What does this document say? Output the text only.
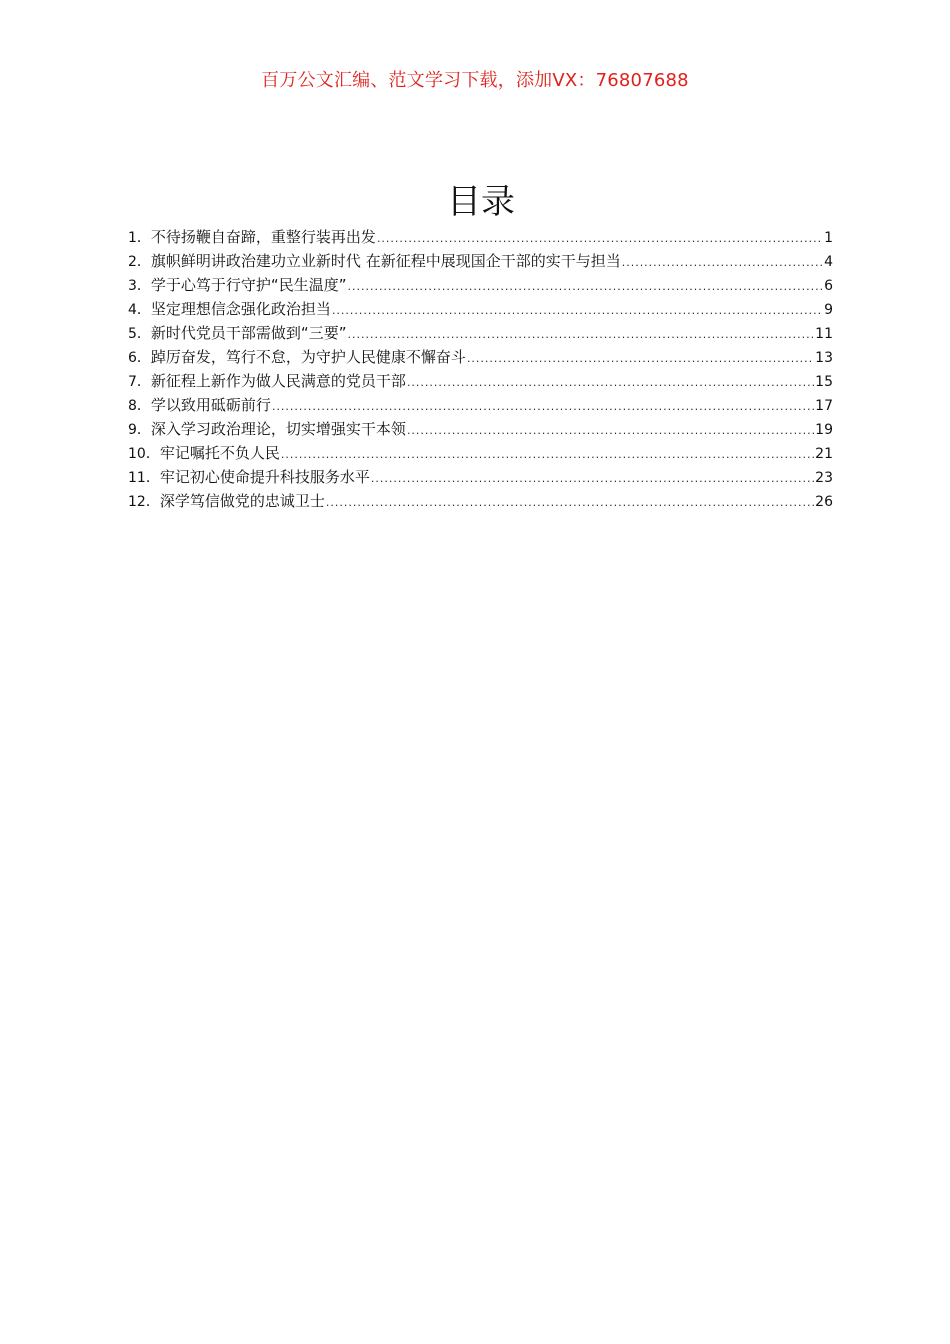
百万公文汇编、范文学习下载，添加VX：76807688
目录
1． 不待扬鞭自奋蹄，重整行装再出发 .....	1
2． 旗帜鲜明讲政治建功立业新时代 在新征程中展现国企干部的实干与担当 .....	4
3． 学于心笃于行守护“民生温度” .....	6
4． 坚定理想信念强化政治担当 .....	9
5． 新时代党员干部需做到“三要” .....	11
6． 踔厉奋发，笃行不怠，为守护人民健康不懈奋斗 .....	13
7． 新征程上新作为做人民满意的党员干部 .....	15
8． 学以致用砥砺前行 .....	17
9． 深入学习政治理论，切实增强实干本领 .....	19
10． 牢记嘱托不负人民 .....	21
11． 牢记初心使命提升科技服务水平 .....	23
12． 深学笃信做党的忠诚卫士 .....	26
